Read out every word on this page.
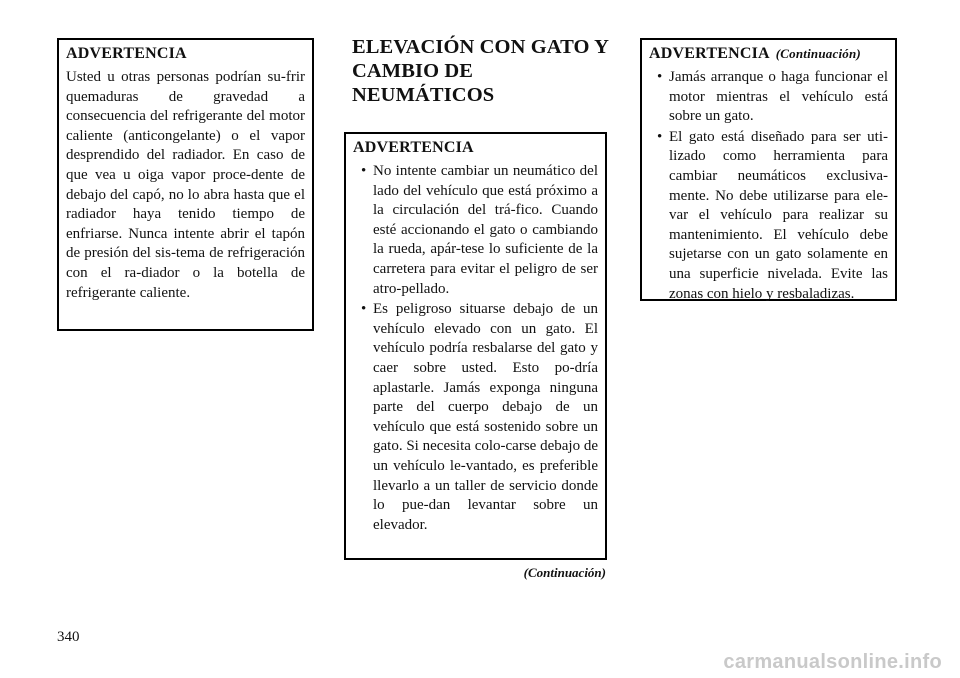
ADVERTENCIA

Usted u otras personas podrían su-frir quemaduras de gravedad a consecuencia del refrigerante del motor caliente (anticongelante) o el vapor desprendido del radiador. En caso de que vea u oiga vapor proce-dente de debajo del capó, no lo abra hasta que el radiador haya tenido tiempo de enfriarse. Nunca intente abrir el tapón de presión del sis-tema de refrigeración con el ra-diador o la botella de refrigerante caliente.

ELEVACIÓN CON GATO Y CAMBIO DE NEUMÁTICOS
ADVERTENCIA
• No intente cambiar un neumático del lado del vehículo que está próximo a la circulación del trá-fico. Cuando esté accionando el gato o cambiando la rueda, apár-tese lo suficiente de la carretera para evitar el peligro de ser atro-pellado.
• Es peligroso situarse debajo de un vehículo elevado con un gato. El vehículo podría resbalarse del gato y caer sobre usted. Esto po-dría aplastarle. Jamás exponga ninguna parte del cuerpo debajo de un vehículo que está sostenido sobre un gato. Si necesita colo-carse debajo de un vehículo le-vantado, es preferible llevarlo a un taller de servicio donde lo pue-dan levantar sobre un elevador.
(Continuación)
ADVERTENCIA (Continuación)
• Jamás arranque o haga funcionar el motor mientras el vehículo está sobre un gato.
• El gato está diseñado para ser uti-lizado como herramienta para cambiar neumáticos exclusiva-mente. No debe utilizarse para ele-var el vehículo para realizar su mantenimiento. El vehículo debe sujetarse con un gato solamente en una superficie nivelada. Evite las zonas con hielo y resbaladizas.
340
carmanualsonline.info
